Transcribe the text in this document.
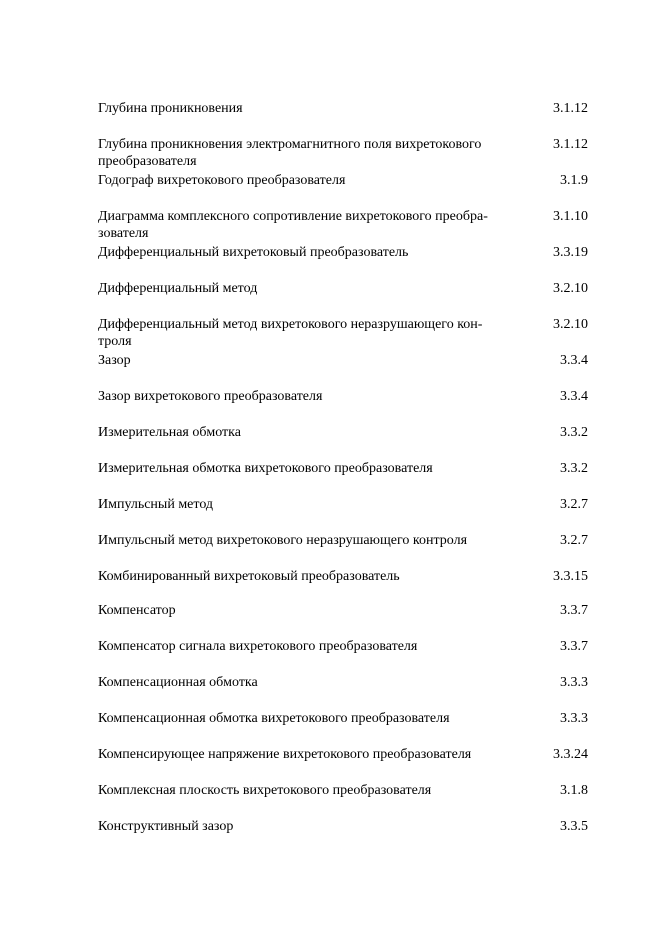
Глубина проникновения	3.1.12
Глубина проникновения электромагнитного поля вихретокового
преобразователя
3.1.12
Годограф вихретокового преобразователя	3.1.9
Диаграмма комплексного сопротивление вихретокового преобра-
зователя
3.1.10
Дифференциальный вихретоковый преобразователь	3.3.19
Дифференциальный метод	3.2.10
Дифференциальный метод вихретокового неразрушающего кон-
троля
3.2.10
Зазор	3.3.4
Зазор вихретокового преобразователя	3.3.4
Измерительная обмотка	3.3.2
Измерительная обмотка вихретокового преобразователя	3.3.2
Импульсный метод	3.2.7
Импульсный метод вихретокового неразрушающего контроля	3.2.7
Комбинированный вихретоковый преобразователь	3.3.15
Компенсатор	3.3.7
Компенсатор сигнала вихретокового преобразователя	3.3.7
Компенсационная обмотка	3.3.3
Компенсационная обмотка вихретокового преобразователя	3.3.3
Компенсирующее напряжение вихретокового преобразователя	3.3.24
Комплексная плоскость вихретокового преобразователя	3.1.8
Конструктивный зазор	3.3.5
